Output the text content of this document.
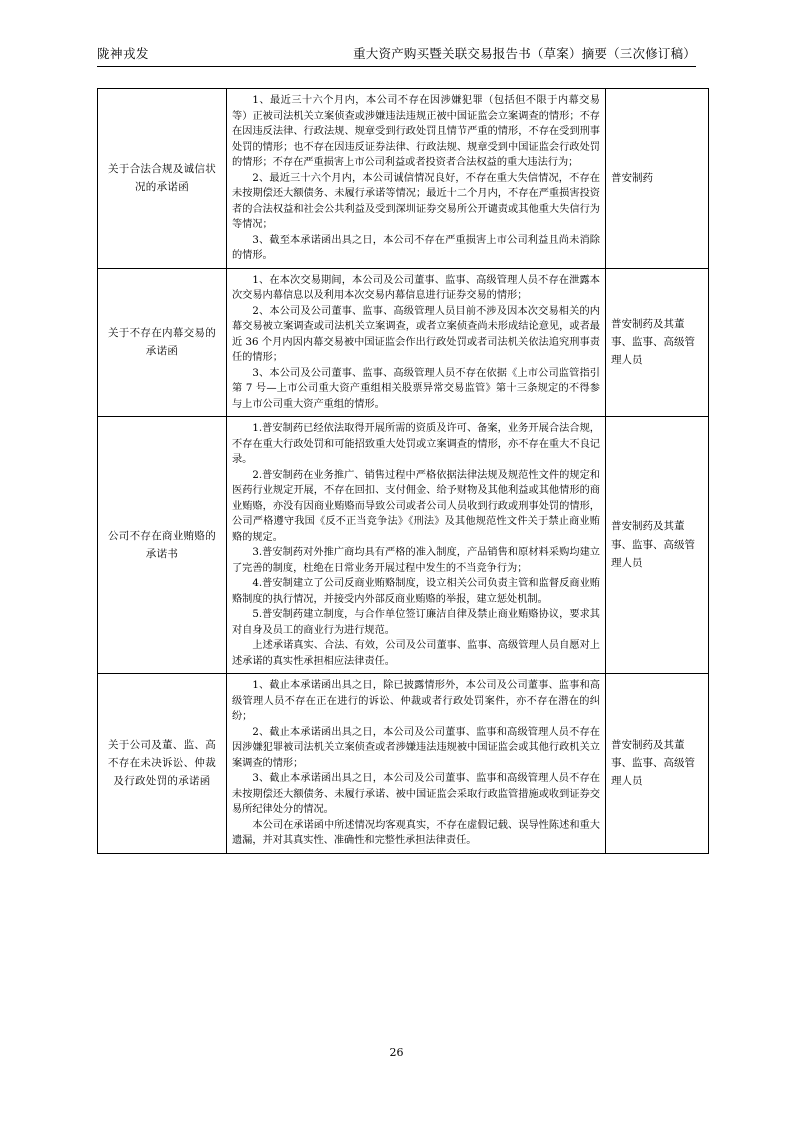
陇神戎发	重大资产购买暨关联交易报告书（草案）摘要（三次修订稿）
关于合法合规及诚信状况的承诺函	1、最近三十六个月内，本公司不存在因涉嫌犯罪（包括但不限于内幕交易等）正被司法机关立案侦查或涉嫌违法违规正被中国证监会立案调查的情形；不存在因违反法律、行政法规、规章受到行政处罚且情节严重的情形，不存在受到刑事处罚的情形；也不存在因违反证券法律、行政法规、规章受到中国证监会行政处罚的情形；不存在严重损害上市公司利益或者投资者合法权益的重大违法行为；

2、最近三十六个月内，本公司诚信情况良好，不存在重大失信情况，不存在未按期偿还大额债务、未履行承诺等情况；最近十二个月内，不存在严重损害投资者的合法权益和社会公共利益及受到深圳证券交易所公开谴责或其他重大失信行为等情况；

3、截至本承诺函出具之日，本公司不存在严重损害上市公司利益且尚未消除的情形。	普安制药
关于不存在内幕交易的承诺函	1、在本次交易期间，本公司及公司董事、监事、高级管理人员不存在泄露本次交易内幕信息以及利用本次交易内幕信息进行证券交易的情形；

2、本公司及公司董事、监事、高级管理人员目前不涉及因本次交易相关的内幕交易被立案调查或司法机关立案调查，或者立案侦查尚未形成结论意见，或者最近 36 个月内因内幕交易被中国证监会作出行政处罚或者司法机关依法追究刑事责任的情形；

3、本公司及公司董事、监事、高级管理人员不存在依据《上市公司监管指引第 7 号—上市公司重大资产重组相关股票异常交易监管》第十三条规定的不得参与上市公司重大资产重组的情形。	普安制药及其董事、监事、高级管理人员
公司不存在商业贿赂的承诺书	

1.普安制药已经依法取得开展所需的资质及许可、备案，业务开展合法合规，不存在重大行政处罚和可能招致重大处罚或立案调查的情形，亦不存在重大不良记录。

2.普安制药在业务推广、销售过程中严格依据法律法规及规范性文件的规定和医药行业规定开展，不存在回扣、支付佣金、给予财物及其他利益或其他情形的商业贿赂，亦没有因商业贿赂而导致公司或者公司人员收到行政或刑事处罚的情形，公司严格遵守我国《反不正当竞争法》《刑法》及其他规范性文件关于禁止商业贿赂的规定。

3.普安制药对外推广商均具有严格的准入制度，产品销售和原材料采购均建立了完善的制度，杜绝在日常业务开展过程中发生的不当竞争行为；

4.普安制建立了公司反商业贿赂制度，设立相关公司负责主管和监督反商业贿赂制度的执行情况，并接受内外部反商业贿赂的举报，建立惩处机制。

5.普安制药建立制度，与合作单位签订廉洁自律及禁止商业贿赂协议，要求其对自身及员工的商业行为进行规范。

上述承诺真实、合法、有效，公司及公司董事、监事、高级管理人员自愿对上述承诺的真实性承担相应法律责任。

	普安制药及其董事、监事、高级管理人员
关于公司及董、监、高不存在未决诉讼、仲裁及行政处罚的承诺函	1、截止本承诺函出具之日，除已披露情形外，本公司及公司董事、监事和高级管理人员不存在正在进行的诉讼、仲裁或者行政处罚案件，亦不存在潜在的纠纷；

2、截止本承诺函出具之日，本公司及公司董事、监事和高级管理人员不存在因涉嫌犯罪被司法机关立案侦查或者涉嫌违法违规被中国证监会或其他行政机关立案调查的情形；

3、截止本承诺函出具之日，本公司及公司董事、监事和高级管理人员不存在未按期偿还大额债务、未履行承诺、被中国证监会采取行政监管措施或收到证券交易所纪律处分的情况。

本公司在承诺函中所述情况均客观真实，不存在虚假记载、误导性陈述和重大遗漏，并对其真实性、准确性和完整性承担法律责任。	普安制药及其董事、监事、高级管理人员
26
